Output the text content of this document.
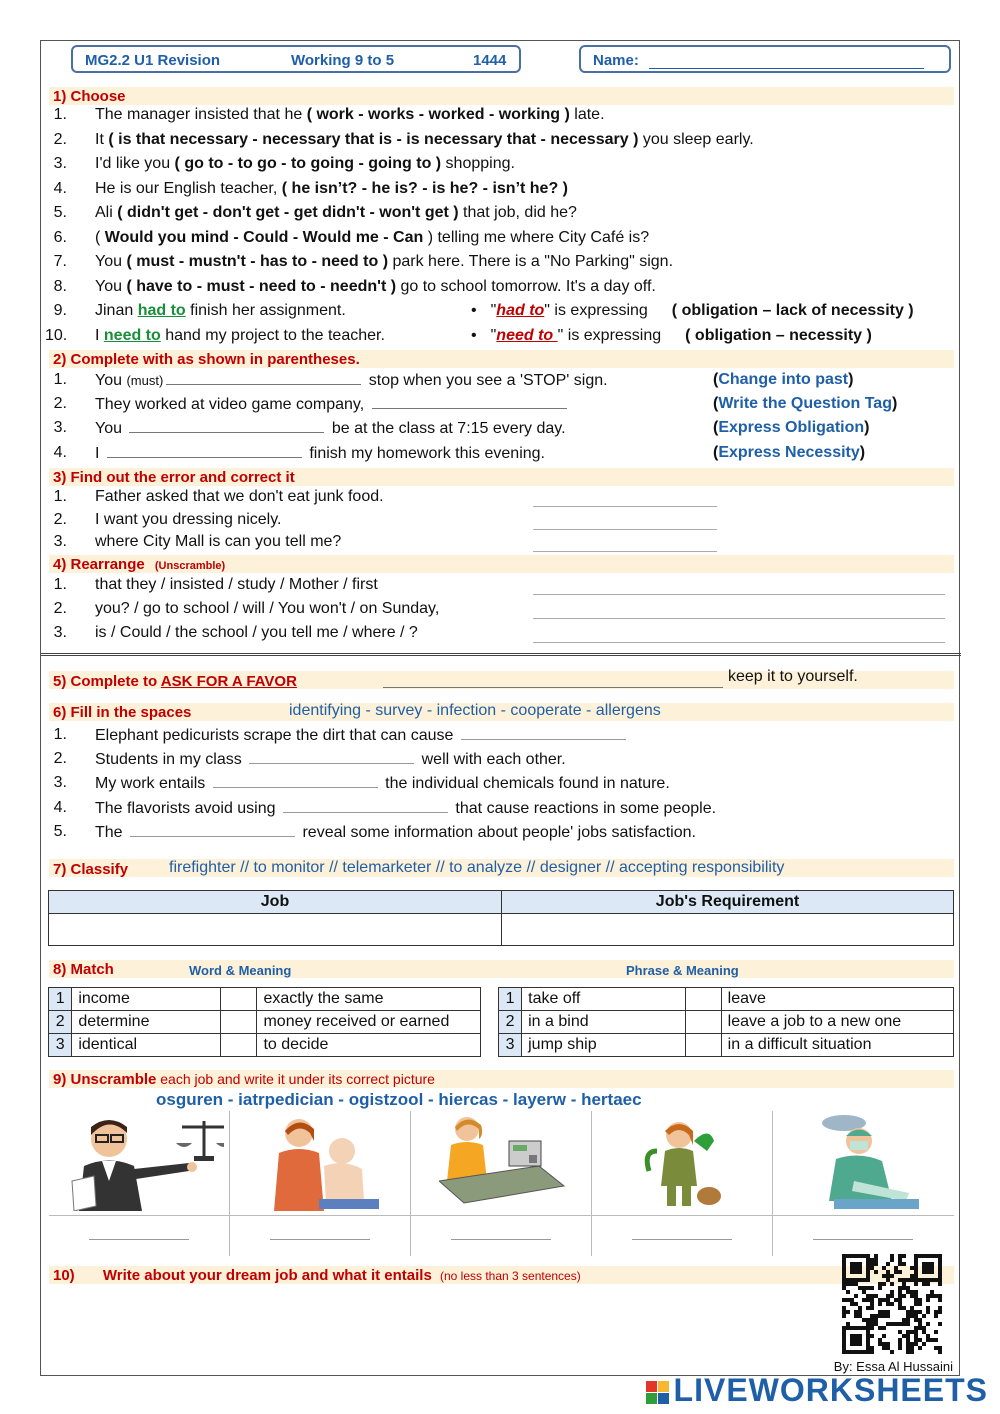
MG2.2 U1 Revision	Working 9 to 5	1444	Name:
1) Choose
1. The manager insisted that he ( work - works - worked - working ) late.
2. It ( is that necessary - necessary that is - is necessary that - necessary ) you sleep early.
3. I'd like you ( go to - to go - to going - going to ) shopping.
4. He is our English teacher, ( he isn’t? - he is? - is he? - isn’t he? )
5. Ali ( didn't get - don't get - get didn't - won't get ) that job, did he?
6. ( Would you mind - Could - Would me - Can ) telling me where City Café is?
7. You ( must - mustn't - has to - need to ) park here. There is a "No Parking" sign.
8. You ( have to - must - need to - needn't ) go to school tomorrow. It's a day off.
9. Jinan had to finish her assignment.
10. I need to hand my project to the teacher.
• "had to" is expressing ( obligation – lack of necessity )
• "need to " is expressing ( obligation – necessity )
2) Complete with as shown in parentheses.
1. You (must)	stop when you see a 'STOP' sign.	(Change into past)
2. They worked at video game company,	(Write the Question Tag)
3. You	be at the class at 7:15 every day.	(Express Obligation)
4. I	finish my homework this evening.	(Express Necessity)
3) Find out the error and correct it
1. Father asked that we don't eat junk food.
2. I want you dressing nicely.
3. where City Mall is can you tell me?
4) Rearrange (Unscramble)
1. that they / insisted / study / Mother / first
2. you? / go to school / will / You won't / on Sunday,
3. is / Could / the school / you tell me / where / ?
5) Complete to ASK FOR A FAVOR	keep it to yourself.
6) Fill in the spaces	identifying - survey - infection - cooperate - allergens
1. Elephant pedicurists scrape the dirt that can cause
2. Students in my class	well with each other.
3. My work entails	the individual chemicals found in nature.
4. The flavorists avoid using	that cause reactions in some people.
5. The	reveal some information about people' jobs satisfaction.
7) Classify	firefighter // to monitor // telemarketer // to analyze // designer // accepting responsibility
Job	Job's Requirement

8) Match	Word & Meaning	Phrase & Meaning
1	income		exactly the same
2	determine		money received or earned
3	identical		to decide
1	take off		leave
2	in a bind		leave a job to a new one
3	jump ship		in a difficult situation
9) Unscramble each job and write it under its correct picture
osguren - iatrpedician - ogistzool - hiercas - layerw - hertaec
10) Write about your dream job and what it entails (no less than 3 sentences)
By: Essa Al Hussaini
LIVEWORKSHEETS
